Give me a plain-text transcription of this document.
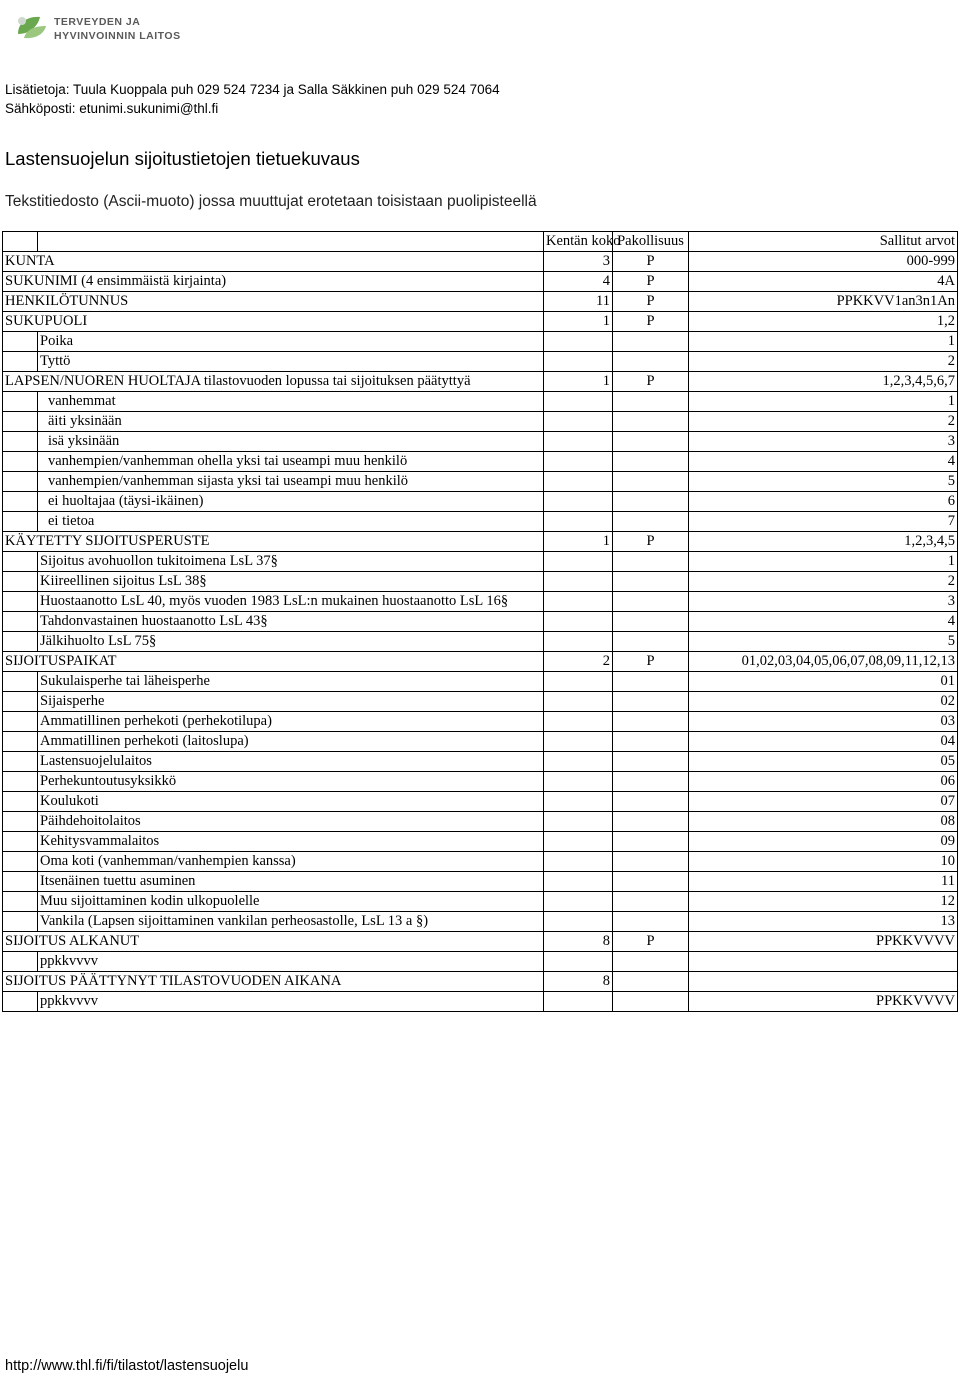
TERVEYDEN JA
HYVINVOINNIN LAITOS
Lisätietoja: Tuula Kuoppala puh 029 524 7234 ja Salla Säkkinen puh 029 524 7064
Sähköposti: etunimi.sukunimi@thl.fi
Lastensuojelun sijoitustietojen tietuekuvaus
Tekstitiedosto (Ascii-muoto) jossa muuttujat erotetaan toisistaan puolipisteellä
		Kentän koko	Pakollisuus	Sallitut arvot
KUNTA		3	P	000-999
SUKUNIMI (4 ensimmäistä kirjainta)		4	P	4A
HENKILÖTUNNUS		11	P	PPKKVV1an3n1An
SUKUPUOLI		1	P	1,2
	Poika			1
	Tyttö			2
LAPSEN/NUOREN HUOLTAJA tilastovuoden lopussa tai sijoituksen päätyttyä		1	P	1,2,3,4,5,6,7
	vanhemmat			1
	äiti yksinään			2
	isä yksinään			3
	vanhempien/vanhemman ohella yksi tai useampi muu henkilö			4
	vanhempien/vanhemman sijasta yksi tai useampi muu henkilö			5
	ei huoltajaa (täysi-ikäinen)			6
	ei tietoa			7
KÄYTETTY SIJOITUSPERUSTE		1	P	1,2,3,4,5
	Sijoitus avohuollon tukitoimena LsL 37§			1
	Kiireellinen sijoitus LsL 38§			2
	Huostaanotto LsL 40, myös vuoden 1983 LsL:n mukainen huostaanotto LsL 16§			3
	Tahdonvastainen huostaanotto LsL 43§			4
	Jälkihuolto LsL 75§			5
SIJOITUSPAIKAT		2	P	01,02,03,04,05,06,07,08,09,11,12,13
	Sukulaisperhe tai läheisperhe			01
	Sijaisperhe			02
	Ammatillinen perhekoti (perhekotilupa)			03
	Ammatillinen perhekoti (laitoslupa)			04
	Lastensuojelulaitos			05
	Perhekuntoutusyksikkö			06
	Koulukoti			07
	Päihdehoitolaitos			08
	Kehitysvammalaitos			09
	Oma koti (vanhemman/vanhempien kanssa)			10
	Itsenäinen tuettu asuminen			11
	Muu sijoittaminen kodin ulkopuolelle			12
	Vankila (Lapsen sijoittaminen vankilan perheosastolle, LsL 13 a §)			13
SIJOITUS ALKANUT		8	P	PPKKVVVV
	ppkkvvvv			
SIJOITUS PÄÄTTYNYT TILASTOVUODEN AIKANA		8		
	ppkkvvvv			PPKKVVVV
http://www.thl.fi/fi/tilastot/lastensuojelu
